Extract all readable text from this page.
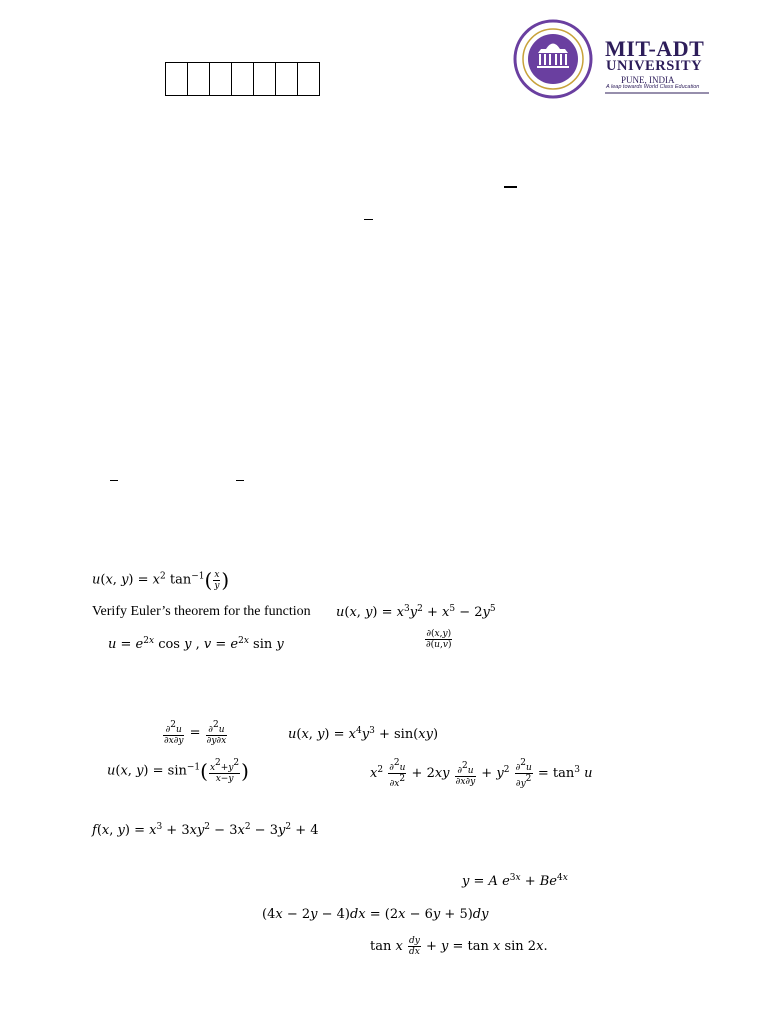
MIT-ADT
UNIVERSITY
PUNE, INDIA
A leap towards World Class Education
u(x, $y) = x^2$ $\tan^{-1}( \frac{x}{y}$ )
Verify Euler’s theorem for the function u(x, $y) = x^3y^2 + x^5 - 2y^5$
$u = e^{2x}$ cos y , $v = e^{2x}$ sin y	$\frac{\partial(x,y)}{\partial(u,v)}$
$\frac{\partial^2u}{\partial x\partial y} = \frac{\partial^2u}{\partial y\partial x}$	u(x, $y) = x^4y^3 + \sin(xy)$
u(x, $y) = \sin^{-1}( \frac{x^2+y^2}{x-y}$ )	$x^2 \frac{\partial^2u}{\partial x^2} + 2xy \frac{\partial^2u}{\partial x\partial y} + y^2 \frac{\partial^2u}{\partial y^2} = \tan^3 u$
f(x, $y) = x^3 + 3xy^2 - 3x^2 - 3y^2 + 4$
y = A $e^{3x} + Be^{4x}$
(4x − 2y − 4)dx = (2x − 6y + 5)dy
tan x $\frac{dy}{dx} + y = \tan x$ sin 2x.
